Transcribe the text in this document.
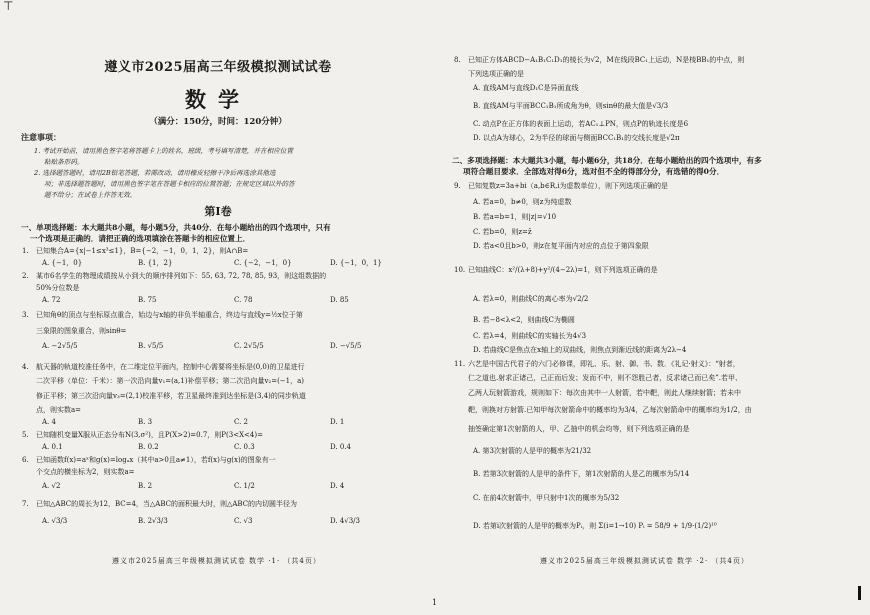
⊤
遵义市2025届高三年级模拟测试试卷
数学
（满分：150分，时间：120分钟）
注意事项：
1. 考试开始前，请用黑色签字笔将答题卡上的姓名，班级，考号填写清楚，并在相应位置
粘贴条形码。
2. 选择题答题时，请用2B铅笔答题，若需改动，请用橡皮轻擦干净后再选涂其他选
项；非选择题答题时，请用黑色签字笔在答题卡相应的位置答题；在规定区域以外的答
题不给分；在试卷上作答无效。
第Ⅰ卷
一、单项选择题：本大题共8小题，每小题5分，共40分．在每小题给出的四个选项中，只有
一个选项是正确的．请把正确的选项填涂在答题卡的相应位置上．
1. 已知集合A={x|−1≤x³≤1}，B={−2，−1，0，1，2}，则A∩B=
A. {−1，0}	B. {1，2}	C. {−2，−1，0}	D. {−1，0，1}
2. 某市6名学生的物理成绩按从小到大的顺序排列如下：55, 63, 72, 78, 85, 93，则这组数据的
50%分位数是
A. 72	B. 75	C. 78	D. 85
3. 已知角θ的顶点与坐标原点重合，始边与x轴的非负半轴重合，终边与直线y=½x位于第
三象限的图象重合，则sinθ=
A. −2√5/5	B. √5/5	C. 2√5/5	D. −√5/5
4. 航天器的轨道校准任务中，在二维定位平面内，控制中心需要将坐标是(0,0)的卫星进行
二次平移（单位：千米）：第一次沿向量v₁=(a,1)补偿平移；第二次沿向量v₂=(−1，a)
修正平移；第三次沿向量v₃=(2,1)校准平移，若卫星最终准到达坐标是(3,4)的同步轨道
点，则实数a=
A. 4	B. 3	C. 2	D. 1
5. 已知随机变量X服从正态分布N(3,σ²)，且P(X>2)=0.7，则P(3<X<4)=
A. 0.1	B. 0.2	C. 0.3	D. 0.4
6. 已知函数f(x)=aˣ和g(x)=logₐx（其中a>0且a≠1），若f(x)与g(x)的图象有一
个交点的横坐标为2，则实数a=
A. √2	B. 2	C. 1/2	D. 4
7. 已知△ABC的周长为12，BC=4，当△ABC的面积最大时，则△ABC的内切圆半径为
A. √3/3	B. 2√3/3	C. √3	D. 4√3/3
遵义市2025届高三年级模拟测试试卷 数学 ·1· （共4页）
8. 已知正方体ABCD−A₁B₁C₁D₁的棱长为√2，M在线段BC₁上运动，N是棱BB₁的中点，则
下列选项正确的是
A. 直线AM与直线D₁C是异面直线
B. 直线AM与平面BCC₁B₁所成角为θ，则sinθ的最大值是√3/3
C. 动点P在正方体的表面上运动，若AC₁⊥PN，则点P的轨迹长度是6
D. 以点A为球心，2为半径的球面与侧面BCC₁B₁的交线长度是√2π
二、多项选择题：本大题共3小题，每小题6分，共18分．在每小题给出的四个选项中，有多
项符合题目要求．全部选对得6分，选对但不全的得部分分，有选错的得0分．
9. 已知复数z=3a+bi（a,b∈R,i为虚数单位），则下列选项正确的是
A. 若a=0，b≠0，则z为纯虚数
B. 若a=b=1，则|z|=√10
C. 若b=0，则z=z̄
D. 若a<0且b>0，则z在复平面内对应的点位于第四象限
10. 已知曲线C：x²/(λ+8)+y²/(4−2λ)=1，则下列选项正确的是
A. 若λ=0，则曲线C的离心率为√2/2
B. 若−8<λ<2，则曲线C为椭圆
C. 若λ=4，则曲线C的实轴长为4√3
D. 若曲线C是焦点在x轴上的双曲线，则焦点到渐近线的距离为2λ−4
11. 六艺是中国古代君子的六门必修课，即礼、乐、射、御、书、数．《礼记·射义》：“射者，
仁之道也.射求正诸己，己正而后发；发而不中，则不怨胜己者，反求诸己而已矣”.若甲、
乙两人玩射箭游戏，规则如下：每次由其中一人射箭，若中靶，则此人继续射箭；若未中
靶，则换对方射箭.已知甲每次射箭命中的概率均为3/4，乙每次射箭命中的概率均为1/2，由
抽签确定第1次射箭的人，甲、乙抽中的机会均等，则下列选项正确的是
A. 第3次射箭的人是甲的概率为21/32
B. 若第3次射箭的人是甲的条件下，第1次射箭的人是乙的概率为5/14
C. 在前4次射箭中，甲只射中1次的概率为5/32
D. 若第i次射箭的人是甲的概率为Pᵢ，则 Σ(i=1→10) Pᵢ = 58/9 + 1/9·(1/2)¹⁰
遵义市2025届高三年级模拟测试试卷 数学 ·2· （共4页）
1
